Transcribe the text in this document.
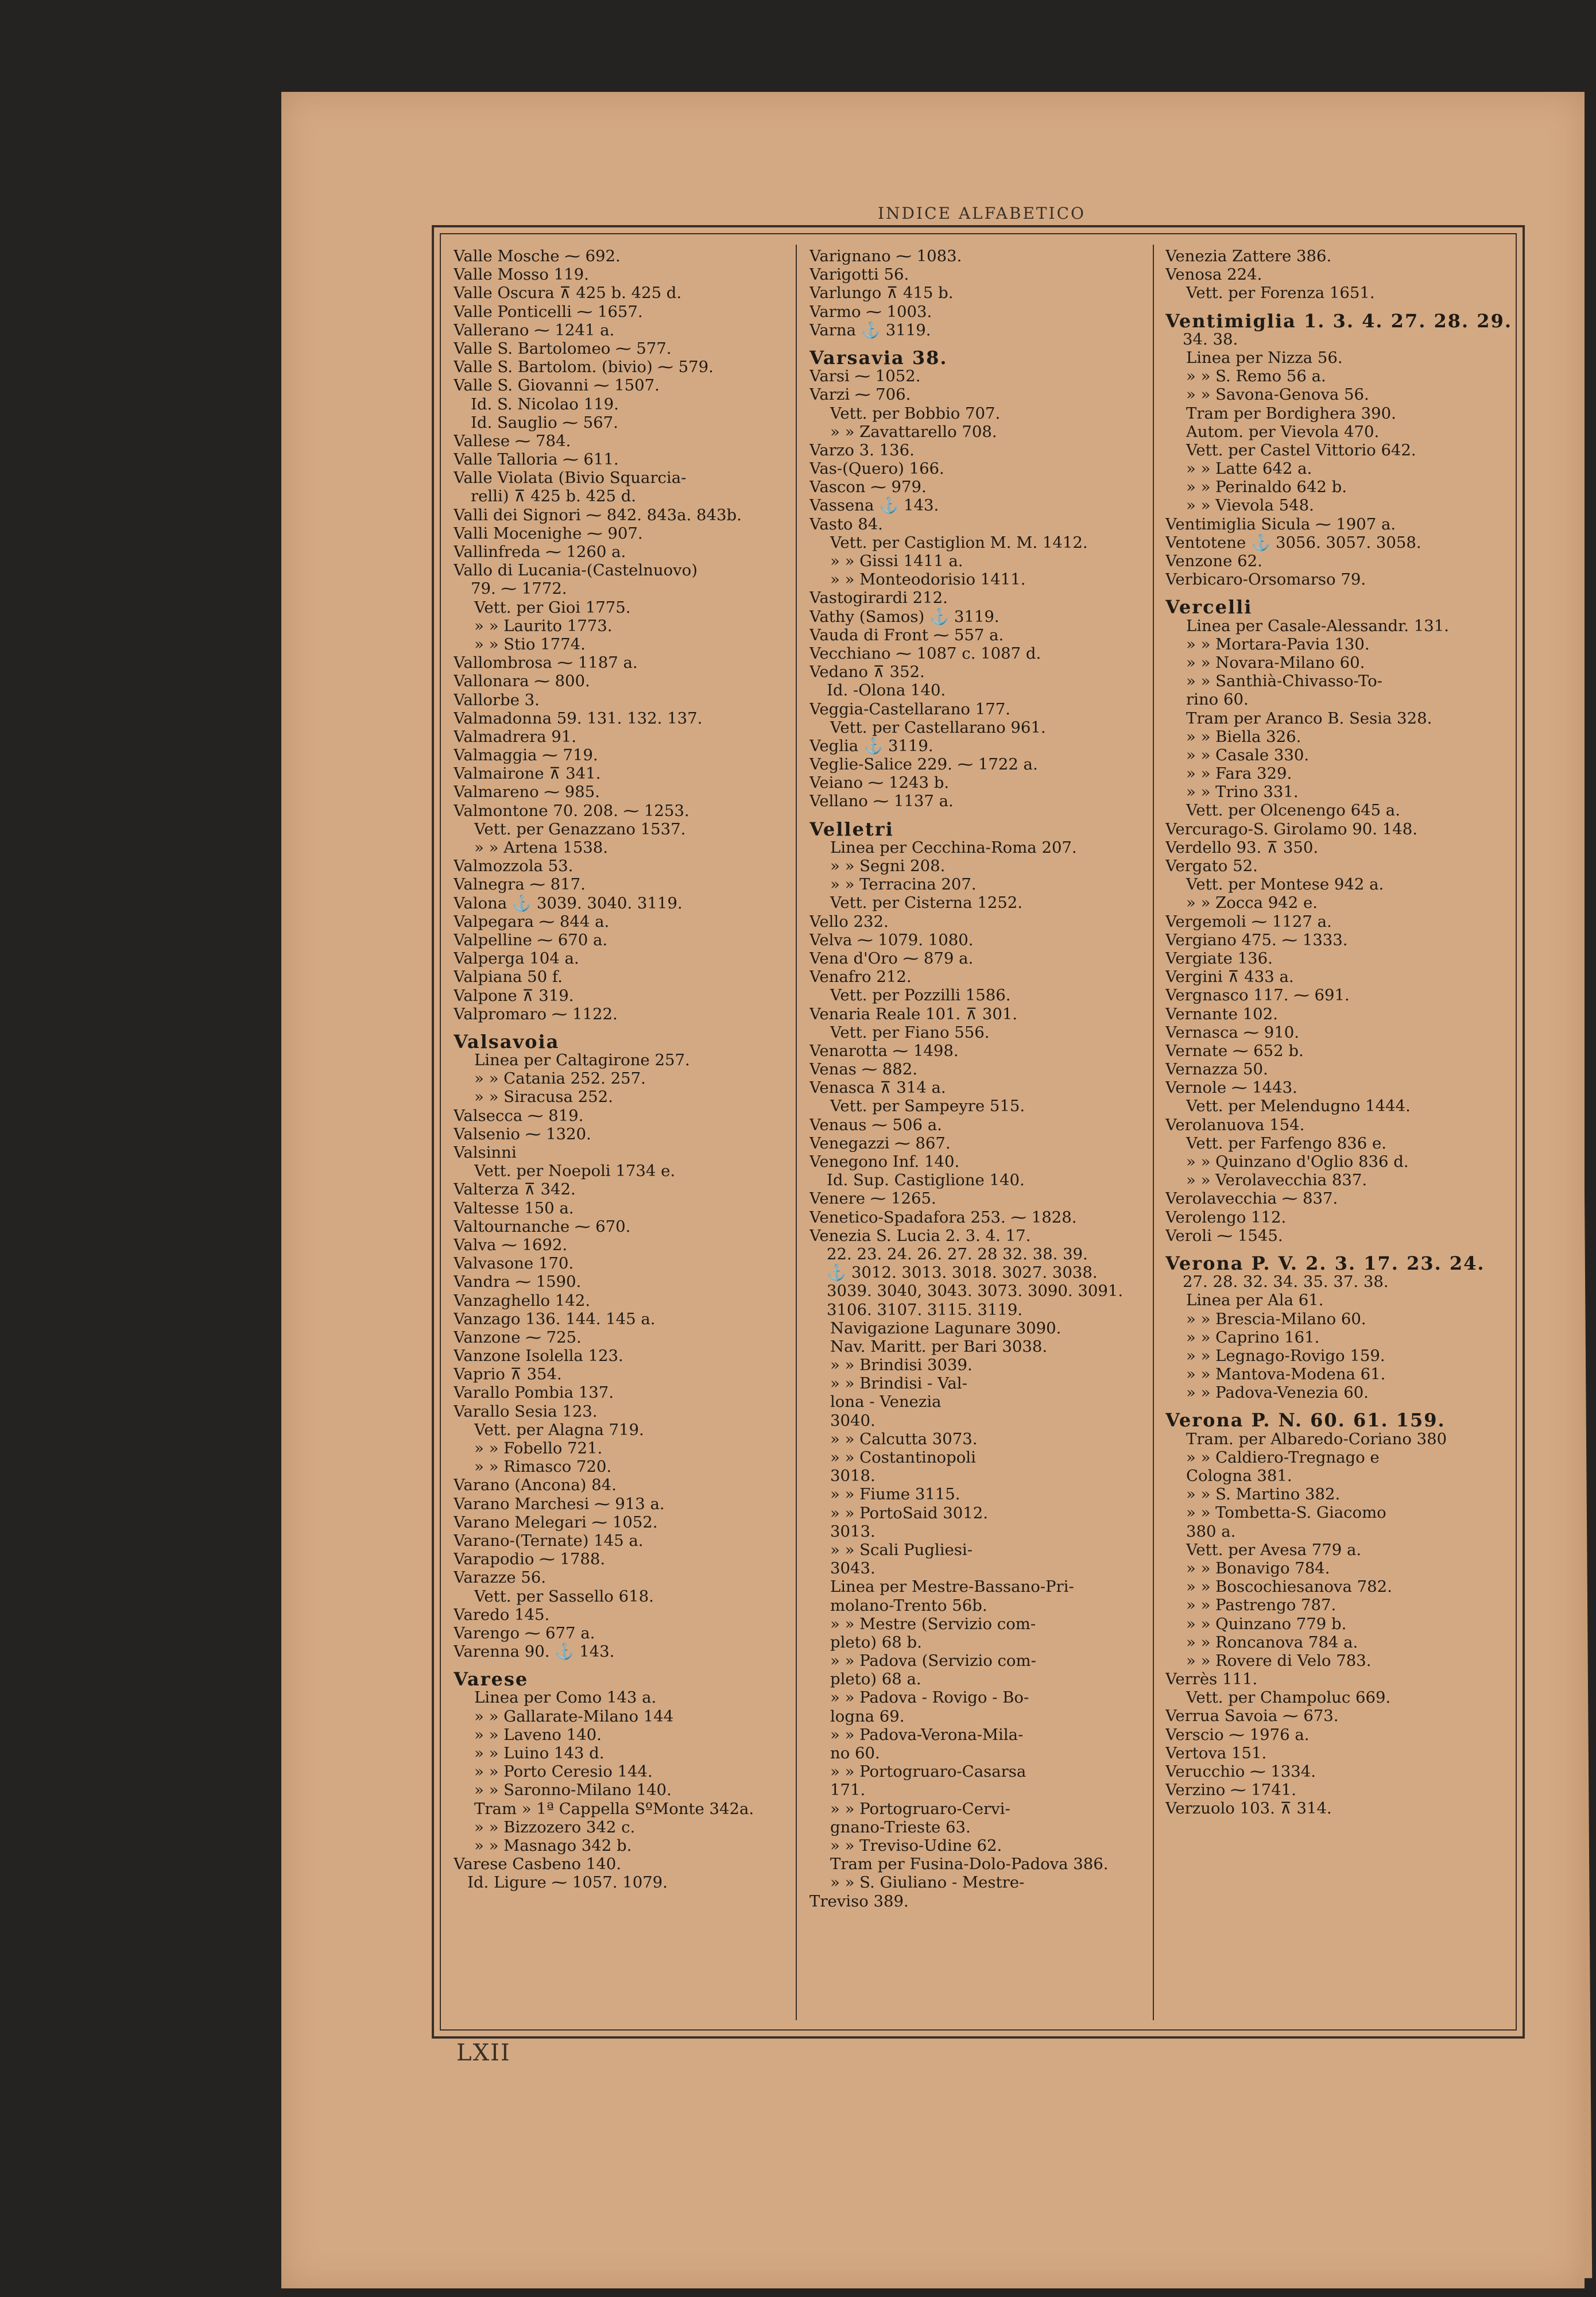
INDICE ALFABETICO
Valle Mosche ⁓ 692.
Valle Mosso 119.
Valle Oscura ⊼ 425 b. 425 d.
Valle Ponticelli ⁓ 1657.
Vallerano ⁓ 1241 a.
Valle S. Bartolomeo ⁓ 577.
Valle S. Bartolom. (bivio) ⁓ 579.
Valle S. Giovanni ⁓ 1507.
Id. S. Nicolao 119.
Id. Sauglio ⁓ 567.
Vallese ⁓ 784.
Valle Talloria ⁓ 611.
Valle Violata (Bivio Squarcia-
relli) ⊼ 425 b. 425 d.
Valli dei Signori ⁓ 842. 843a. 843b.
Valli Mocenighe ⁓ 907.
Vallinfreda ⁓ 1260 a.
Vallo di Lucania-(Castelnuovo)
79. ⁓ 1772.
Vett. per Gioi 1775.
» » Laurito 1773.
» » Stio 1774.
Vallombrosa ⁓ 1187 a.
Vallonara ⁓ 800.
Vallorbe 3.
Valmadonna 59. 131. 132. 137.
Valmadrera 91.
Valmaggia ⁓ 719.
Valmairone ⊼ 341.
Valmareno ⁓ 985.
Valmontone 70. 208. ⁓ 1253.
Vett. per Genazzano 1537.
» » Artena 1538.
Valmozzola 53.
Valnegra ⁓ 817.
Valona ⚓ 3039. 3040. 3119.
Valpegara ⁓ 844 a.
Valpelline ⁓ 670 a.
Valperga 104 a.
Valpiana 50 f.
Valpone ⊼ 319.
Valpromaro ⁓ 1122.
Valsavoia
Linea per Caltagirone 257.
» » Catania 252. 257.
» » Siracusa 252.
Valsecca ⁓ 819.
Valsenio ⁓ 1320.
Valsinni
Vett. per Noepoli 1734 e.
Valterza ⊼ 342.
Valtesse 150 a.
Valtournanche ⁓ 670.
Valva ⁓ 1692.
Valvasone 170.
Vandra ⁓ 1590.
Vanzaghello 142.
Vanzago 136. 144. 145 a.
Vanzone ⁓ 725.
Vanzone Isolella 123.
Vaprio ⊼ 354.
Varallo Pombia 137.
Varallo Sesia 123.
Vett. per Alagna 719.
» » Fobello 721.
» » Rimasco 720.
Varano (Ancona) 84.
Varano Marchesi ⁓ 913 a.
Varano Melegari ⁓ 1052.
Varano-(Ternate) 145 a.
Varapodio ⁓ 1788.
Varazze 56.
Vett. per Sassello 618.
Varedo 145.
Varengo ⁓ 677 a.
Varenna 90. ⚓ 143.
Varese
Linea per Como 143 a.
» » Gallarate-Milano 144
» » Laveno 140.
» » Luino 143 d.
» » Porto Ceresio 144.
» » Saronno-Milano 140.
Tram » 1ª Cappella SºMonte 342a.
» » Bizzozero 342 c.
» » Masnago 342 b.
Varese Casbeno 140.
Id. Ligure ⁓ 1057. 1079.
Varignano ⁓ 1083.
Varigotti 56.
Varlungo ⊼ 415 b.
Varmo ⁓ 1003.
Varna ⚓ 3119.
Varsavia 38.
Varsi ⁓ 1052.
Varzi ⁓ 706.
Vett. per Bobbio 707.
» » Zavattarello 708.
Varzo 3. 136.
Vas-(Quero) 166.
Vascon ⁓ 979.
Vassena ⚓ 143.
Vasto 84.
Vett. per Castiglion M. M. 1412.
» » Gissi 1411 a.
» » Monteodorisio 1411.
Vastogirardi 212.
Vathy (Samos) ⚓ 3119.
Vauda di Front ⁓ 557 a.
Vecchiano ⁓ 1087 c. 1087 d.
Vedano ⊼ 352.
Id. -Olona 140.
Veggia-Castellarano 177.
Vett. per Castellarano 961.
Veglia ⚓ 3119.
Veglie-Salice 229. ⁓ 1722 a.
Veiano ⁓ 1243 b.
Vellano ⁓ 1137 a.
Velletri
Linea per Cecchina-Roma 207.
» » Segni 208.
» » Terracina 207.
Vett. per Cisterna 1252.
Vello 232.
Velva ⁓ 1079. 1080.
Vena d'Oro ⁓ 879 a.
Venafro 212.
Vett. per Pozzilli 1586.
Venaria Reale 101. ⊼ 301.
Vett. per Fiano 556.
Venarotta ⁓ 1498.
Venas ⁓ 882.
Venasca ⊼ 314 a.
Vett. per Sampeyre 515.
Venaus ⁓ 506 a.
Venegazzi ⁓ 867.
Venegono Inf. 140.
Id. Sup. Castiglione 140.
Venere ⁓ 1265.
Venetico-Spadafora 253. ⁓ 1828.
Venezia S. Lucia 2. 3. 4. 17.
22. 23. 24. 26. 27. 28 32. 38. 39.
⚓ 3012. 3013. 3018. 3027. 3038.
3039. 3040, 3043. 3073. 3090. 3091.
3106. 3107. 3115. 3119.
Navigazione Lagunare 3090.
Nav. Maritt. per Bari 3038.
» » Brindisi 3039.
» » Brindisi - Val-
lona - Venezia
3040.
» » Calcutta 3073.
» » Costantinopoli
3018.
» » Fiume 3115.
» » PortoSaid 3012.
3013.
» » Scali Pugliesi-
3043.
Linea per Mestre-Bassano-Pri-
molano-Trento 56b.
» » Mestre (Servizio com-
pleto) 68 b.
» » Padova (Servizio com-
pleto) 68 a.
» » Padova - Rovigo - Bo-
logna 69.
» » Padova-Verona-Mila-
no 60.
» » Portogruaro-Casarsa
171.
» » Portogruaro-Cervi-
gnano-Trieste 63.
» » Treviso-Udine 62.
Tram per Fusina-Dolo-Padova 386.
» » S. Giuliano - Mestre-
Treviso 389.
Venezia Zattere 386.
Venosa 224.
Vett. per Forenza 1651.
Ventimiglia 1. 3. 4. 27. 28. 29.
34. 38.
Linea per Nizza 56.
» » S. Remo 56 a.
» » Savona-Genova 56.
Tram per Bordighera 390.
Autom. per Vievola 470.
Vett. per Castel Vittorio 642.
» » Latte 642 a.
» » Perinaldo 642 b.
» » Vievola 548.
Ventimiglia Sicula ⁓ 1907 a.
Ventotene ⚓ 3056. 3057. 3058.
Venzone 62.
Verbicaro-Orsomarso 79.
Vercelli
Linea per Casale-Alessandr. 131.
» » Mortara-Pavia 130.
» » Novara-Milano 60.
» » Santhià-Chivasso-To-
rino 60.
Tram per Aranco B. Sesia 328.
» » Biella 326.
» » Casale 330.
» » Fara 329.
» » Trino 331.
Vett. per Olcenengo 645 a.
Vercurago-S. Girolamo 90. 148.
Verdello 93. ⊼ 350.
Vergato 52.
Vett. per Montese 942 a.
» » Zocca 942 e.
Vergemoli ⁓ 1127 a.
Vergiano 475. ⁓ 1333.
Vergiate 136.
Vergini ⊼ 433 a.
Vergnasco 117. ⁓ 691.
Vernante 102.
Vernasca ⁓ 910.
Vernate ⁓ 652 b.
Vernazza 50.
Vernole ⁓ 1443.
Vett. per Melendugno 1444.
Verolanuova 154.
Vett. per Farfengo 836 e.
» » Quinzano d'Oglio 836 d.
» » Verolavecchia 837.
Verolavecchia ⁓ 837.
Verolengo 112.
Veroli ⁓ 1545.
Verona P. V. 2. 3. 17. 23. 24.
27. 28. 32. 34. 35. 37. 38.
Linea per Ala 61.
» » Brescia-Milano 60.
» » Caprino 161.
» » Legnago-Rovigo 159.
» » Mantova-Modena 61.
» » Padova-Venezia 60.
Verona P. N. 60. 61. 159.
Tram. per Albaredo-Coriano 380
» » Caldiero-Tregnago e
Cologna 381.
» » S. Martino 382.
» » Tombetta-S. Giacomo
380 a.
Vett. per Avesa 779 a.
» » Bonavigo 784.
» » Boscochiesanova 782.
» » Pastrengo 787.
» » Quinzano 779 b.
» » Roncanova 784 a.
» » Rovere di Velo 783.
Verrès 111.
Vett. per Champoluc 669.
Verrua Savoia ⁓ 673.
Verscio ⁓ 1976 a.
Vertova 151.
Verucchio ⁓ 1334.
Verzino ⁓ 1741.
Verzuolo 103. ⊼ 314.
LXII
